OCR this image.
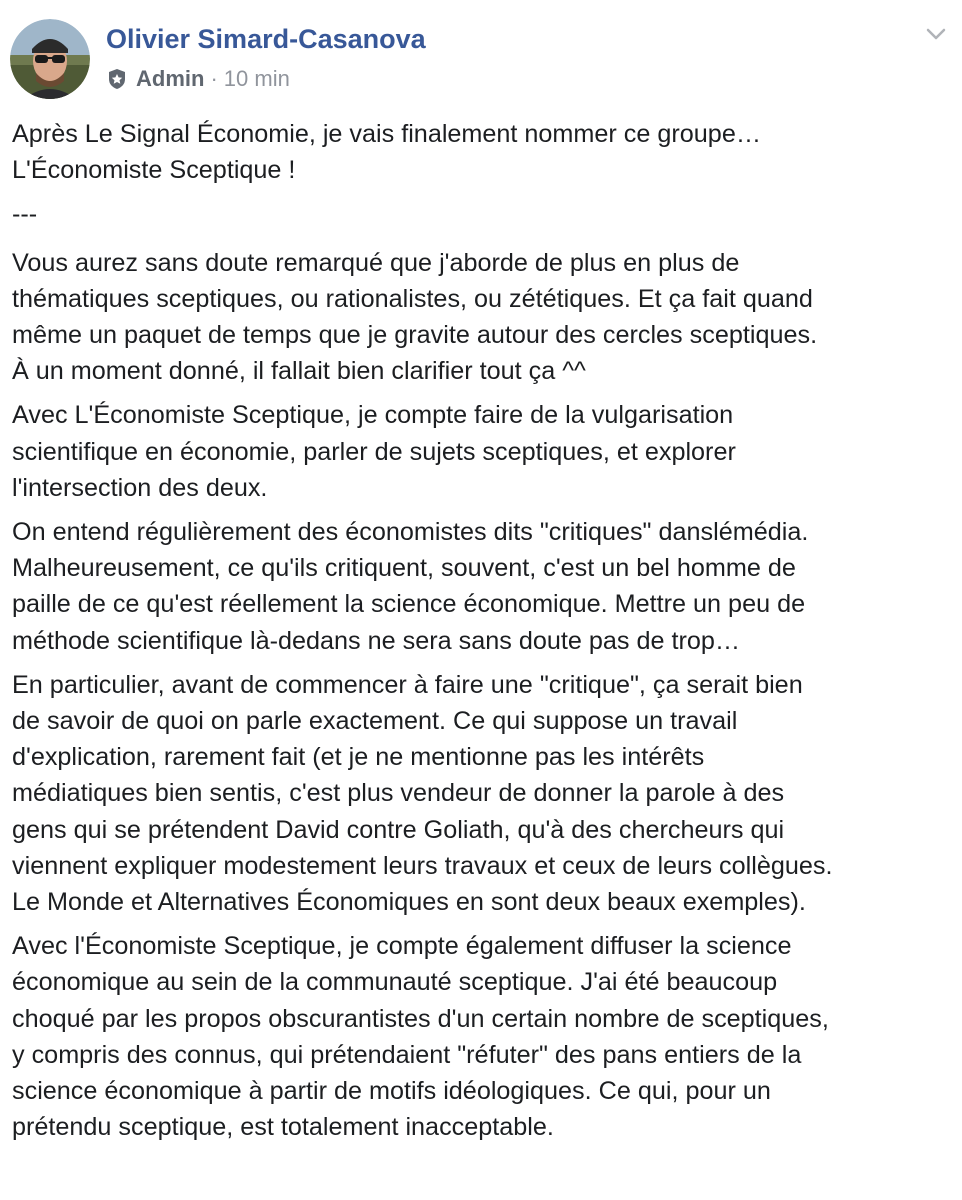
Olivier Simard-Casanova
Admin · 10 min

Après Le Signal Économie, je vais finalement nommer ce groupe…
L'Économiste Sceptique !

---

Vous aurez sans doute remarqué que j'aborde de plus en plus de
thématiques sceptiques, ou rationalistes, ou zététiques. Et ça fait quand
même un paquet de temps que je gravite autour des cercles sceptiques.
À un moment donné, il fallait bien clarifier tout ça ^^

Avec L'Économiste Sceptique, je compte faire de la vulgarisation
scientifique en économie, parler de sujets sceptiques, et explorer
l'intersection des deux.

On entend régulièrement des économistes dits "critiques" danslémédia.
Malheureusement, ce qu'ils critiquent, souvent, c'est un bel homme de
paille de ce qu'est réellement la science économique. Mettre un peu de
méthode scientifique là-dedans ne sera sans doute pas de trop…

En particulier, avant de commencer à faire une "critique", ça serait bien
de savoir de quoi on parle exactement. Ce qui suppose un travail
d'explication, rarement fait (et je ne mentionne pas les intérêts
médiatiques bien sentis, c'est plus vendeur de donner la parole à des
gens qui se prétendent David contre Goliath, qu'à des chercheurs qui
viennent expliquer modestement leurs travaux et ceux de leurs collègues.
Le Monde et Alternatives Économiques en sont deux beaux exemples).

Avec l'Économiste Sceptique, je compte également diffuser la science
économique au sein de la communauté sceptique. J'ai été beaucoup
choqué par les propos obscurantistes d'un certain nombre de sceptiques,
y compris des connus, qui prétendaient "réfuter" des pans entiers de la
science économique à partir de motifs idéologiques. Ce qui, pour un
prétendu sceptique, est totalement inacceptable.
